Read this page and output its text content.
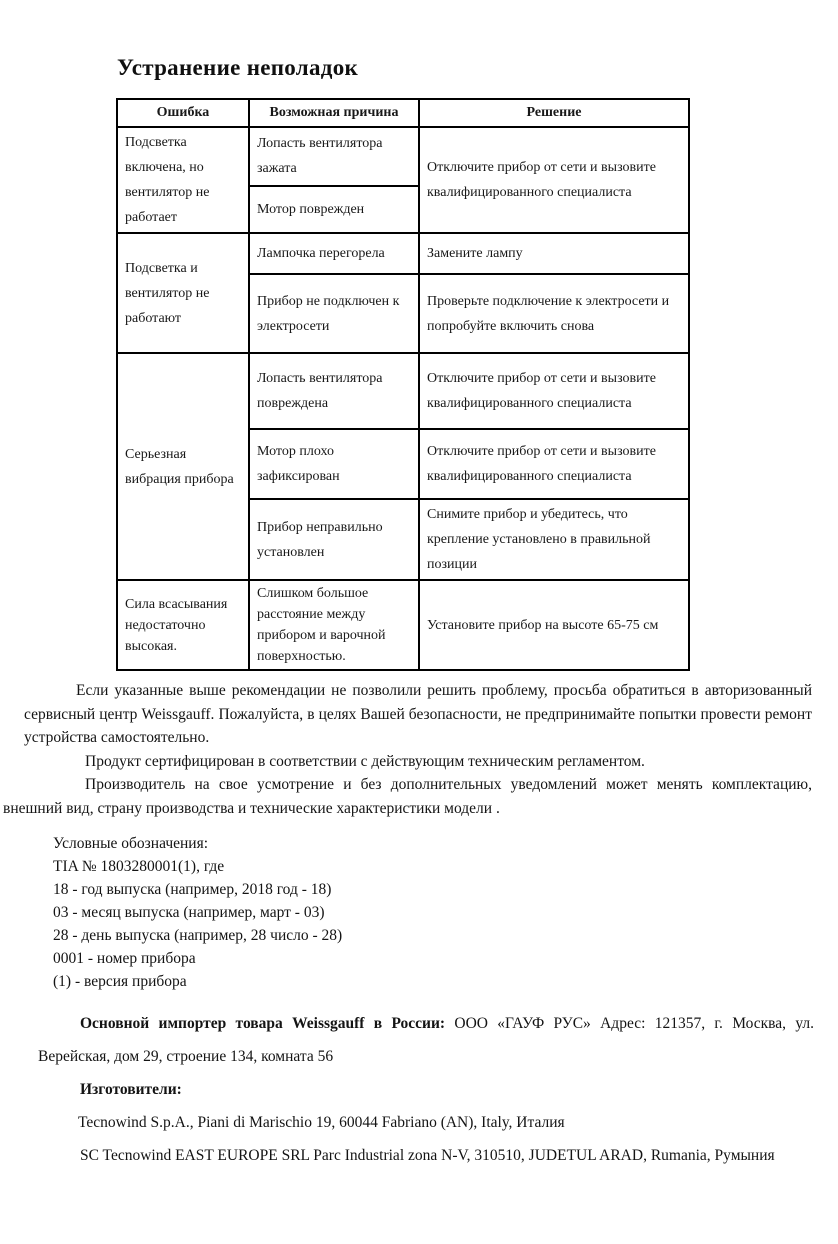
Устранение неполадок
Ошибка	Возможная причина	Решение
Подсветка включена, но вентилятор не работает	Лопасть вентилятора зажата	Отключите прибор от сети и вызовите квалифицированного специалиста
	Мотор поврежден	
Подсветка и вентилятор не работают	Лампочка перегорела	Замените лампу
	Прибор не подключен к электросети	Проверьте подключение к электросети и попробуйте включить снова
Серьезная вибрация прибора	Лопасть вентилятора повреждена	Отключите прибор от сети и вызовите квалифицированного специалиста
	Мотор плохо зафиксирован	Отключите прибор от сети и вызовите квалифицированного специалиста
	Прибор неправильно установлен	Снимите прибор и убедитесь, что крепление установлено в правильной позиции
Сила всасывания недостаточно высокая.	Слишком большое расстояние между прибором и варочной поверхностью.	Установите прибор на высоте 65-75 см

Если указанные выше рекомендации не позволили решить проблему, просьба обратиться в авторизованный сервисный центр Weissgauff. Пожалуйста, в целях Вашей безопасности, не предпринимайте попытки провести ремонт устройства самостоятельно.

Продукт сертифицирован в соответствии с действующим техническим регламентом.

Производитель на свое усмотрение и без дополнительных уведомлений может менять комплектацию, внешний вид, страну производства и технические характеристики модели .

Условные обозначения:
TIA № 1803280001(1), где
18 - год выпуска (например, 2018 год - 18)
03 - месяц выпуска (например, март - 03)
28 - день выпуска (например, 28 число - 28)
0001 - номер прибора
(1) - версия прибора

Основной импортер товара Weissgauff в России: ООО «ГАУФ РУС» Адрес: 121357, г. Москва, ул. Верейская, дом 29, строение 134, комната 56

Изготовители:

Tecnowind S.p.A., Piani di Marischio 19, 60044 Fabriano (AN), Italy, Италия

SC Tecnowind EAST EUROPE SRL Parc Industrial zona N-V, 310510, JUDETUL ARAD, Rumania, Румыния
